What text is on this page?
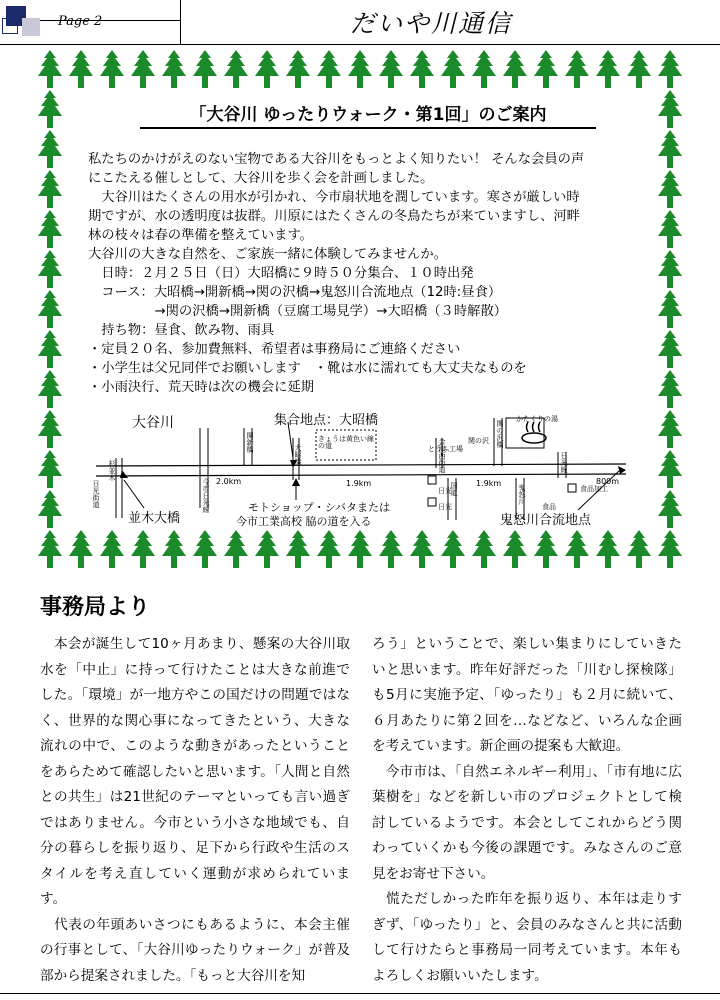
Page 2	だいや川通信
「大谷川 ゆったりウォーク・第1回」のご案内
私たちのかけがえのない宝物である大谷川をもっとよく知りたい！ そんな会員の声
にこたえる催しとして、大谷川を歩く会を計画しました。
　大谷川はたくさんの用水が引かれ、今市扇状地を潤しています。寒さが厳しい時
期ですが、水の透明度は抜群。川原にはたくさんの冬鳥たちが来ていますし、河畔
林の枝々は春の準備を整えています。
大谷川の大きな自然を、ご家族一緒に体験してみませんか。
　日時：２月２５日（日）大昭橋に９時５０分集合、１０時出発
　コース：大昭橋→開新橋→関の沢橋→鬼怒川合流地点（12時:昼食）
　　　　　→関の沢橋→開新橋（豆腐工場見学）→大昭橋（３時解散）
　持ち物：昼食、飲み物、雨具
・定員２０名、参加費無料、希望者は事務局にご連絡ください
・小学生は父兄同伴でお願いします　・靴は水に濡れても大丈夫なものを
・小雨決行、荒天時は次の機会に延期
大谷川	集合地点：大昭橋
並木大橋
モトショップ・シバタまたは
今市工業高校 脇の道を入る	鬼怒川合流地点
かたくりの湯
とうふ工場
きょうは黄色い線の道
2.0km	1.9km	1.9km	800m
杉並木
日光街道	今市日光線
開新橋	関の沢橋
国道	鬼怒川
日光線
大昭橋	会津西街道	関の沢
日光
日光
食品加工
食品
事務局より

　本会が誕生して10ヶ月あまり、懸案の大谷川取水を「中止」に持って行けたことは大きな前進でした。「環境」が一地方やこの国だけの問題ではなく、世界的な関心事になってきたという、大きな流れの中で、このような動きがあったということをあらためて確認したいと思います。「人間と自然との共生」は21世紀のテーマといっても言い過ぎではありません。今市という小さな地域でも、自分の暮らしを振り返り、足下から行政や生活のスタイルを考え直していく運動が求められています。

　代表の年頭あいさつにもあるように、本会主催の行事として、「大谷川ゆったりウォーク」が普及部から提案されました。「もっと大谷川を知

ろう」ということで、楽しい集まりにしていきたいと思います。昨年好評だった「川むし探検隊」も5月に実施予定、「ゆったり」も２月に続いて、６月あたりに第２回を…などなど、いろんな企画を考えています。新企画の提案も大歓迎。

　今市市は、「自然エネルギー利用」、「市有地に広葉樹を」などを新しい市のプロジェクトとして検討しているようです。本会としてこれからどう関わっていくかも今後の課題です。みなさんのご意見をお寄せ下さい。

　慌ただしかった昨年を振り返り、本年は走りすぎず、「ゆったり」と、会員のみなさんと共に活動して行けたらと事務局一同考えています。本年もよろしくお願いいたします。
